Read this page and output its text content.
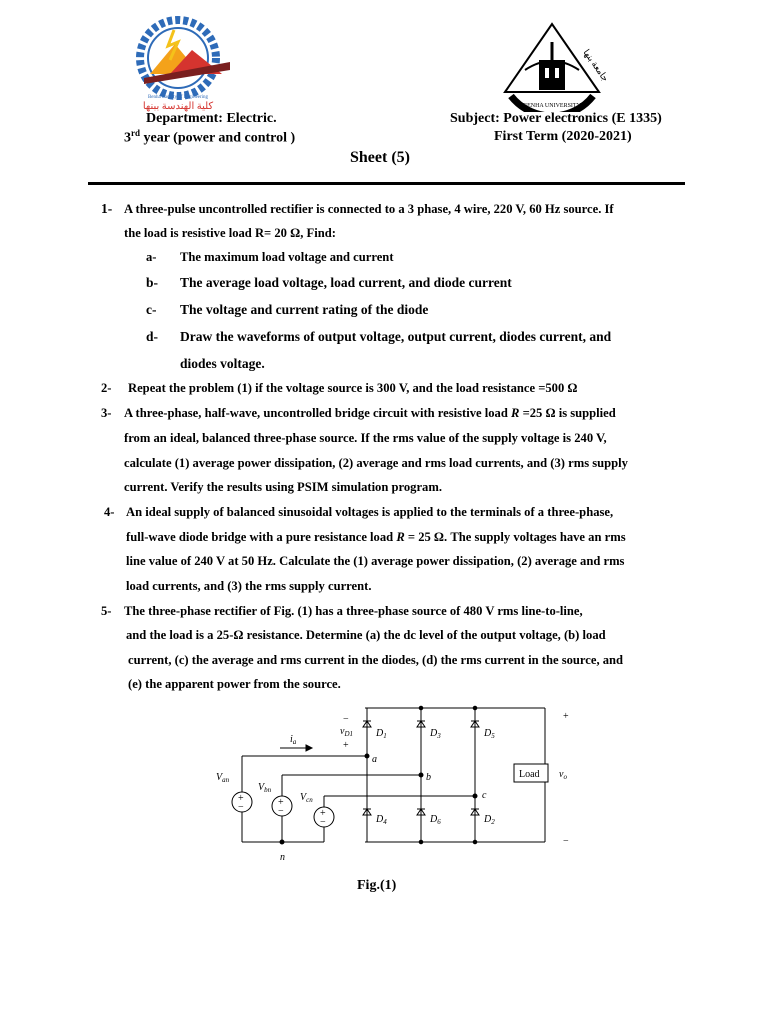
Benha Faculty of Engineering
كلية الهندسة ببنها
جامعة بنها
BENHA UNIVERSITY
Department: Electric.
3rd year (power and control )
Subject: Power electronics (E 1335)
First Term (2020-2021)
Sheet (5)
1- A three-pulse uncontrolled rectifier is connected to a 3 phase, 4 wire, 220 V, 60 Hz source. If
the load is resistive load R= 20 Ω, Find:
a- The maximum load voltage and current
b- The average load voltage, load current, and diode current
c- The voltage and current rating of the diode
d- Draw the waveforms of output voltage, output current, diodes current, and
diodes voltage.
2- Repeat the problem (1) if the voltage source is 300 V, and the load resistance =500 Ω
3- A three-phase, half-wave, uncontrolled bridge circuit with resistive load R =25 Ω is supplied
from an ideal, balanced three-phase source. If the rms value of the supply voltage is 240 V,
calculate (1) average power dissipation, (2) average and rms load currents, and (3) rms supply
current. Verify the results using PSIM simulation program.
4- An ideal supply of balanced sinusoidal voltages is applied to the terminals of a three-phase,
full-wave diode bridge with a pure resistance load R = 25 Ω. The supply voltages have an rms
line value of 240 V at 50 Hz. Calculate the (1) average power dissipation, (2) average and rms
load currents, and (3) the rms supply current.
5- The three-phase rectifier of Fig. (1) has a three-phase source of 480 V rms line-to-line,
and the load is a 25-Ω resistance. Determine (a) the dc level of the output voltage, (b) load
current, (c) the average and rms current in the diodes, (d) the rms current in the source, and
(e) the apparent power from the source.
+
−	+
−	+
−
$V_{an}$
$V_{bn}$
$V_{cn}$
$i_a$
−
$v_{D1}$
+
$D_1$	$D_3$	$D_5$
$D_4$	$D_6$	$D_2$
a
b
c
n
Load $v_o$
+
−
Fig.(1)
